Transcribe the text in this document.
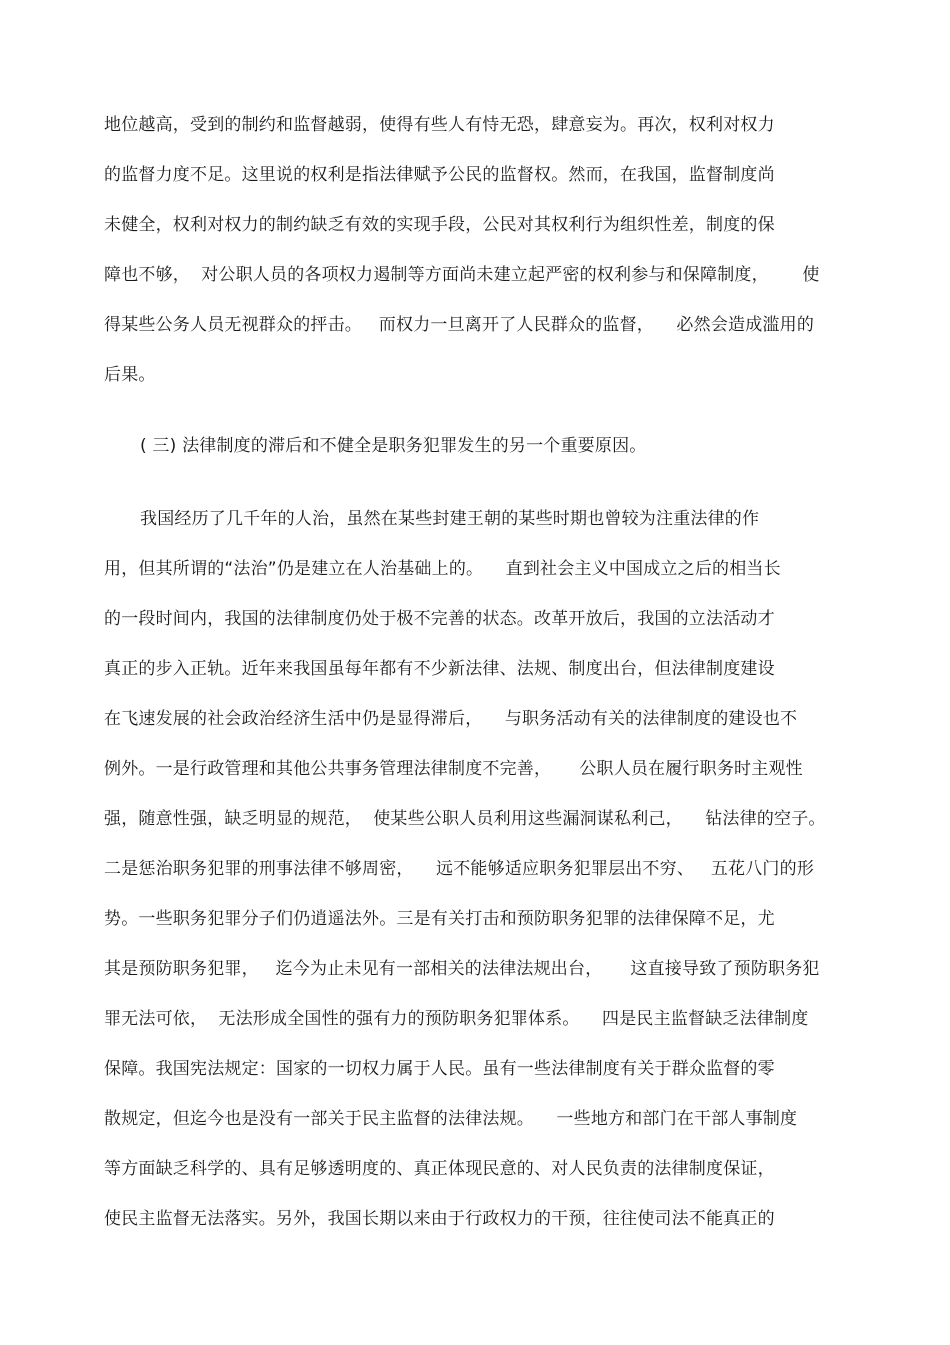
地位越高，受到的制约和监督越弱，使得有些人有恃无恐，肆意妄为。再次，权利对权力
的监督力度不足。这里说的权利是指法律赋予公民的监督权。然而，在我国，监督制度尚
未健全，权利对权力的制约缺乏有效的实现手段，公民对其权利行为组织性差，制度的保
障也不够，  对公职人员的各项权力遏制等方面尚未建立起严密的权利参与和保障制度，      使
得某些公务人员无视群众的抨击。   而权力一旦离开了人民群众的监督，    必然会造成滥用的
后果。
( 三) 法律制度的滞后和不健全是职务犯罪发生的另一个重要原因。
我国经历了几千年的人治，虽然在某些封建王朝的某些时期也曾较为注重法律的作
用，但其所谓的“法治”仍是建立在人治基础上的。    直到社会主义中国成立之后的相当长
的一段时间内，我国的法律制度仍处于极不完善的状态。改革开放后，我国的立法活动才
真正的步入正轨。近年来我国虽每年都有不少新法律、法规、制度出台，但法律制度建设
在飞速发展的社会政治经济生活中仍是显得滞后，    与职务活动有关的法律制度的建设也不
例外。一是行政管理和其他公共事务管理法律制度不完善，     公职人员在履行职务时主观性
强，随意性强，缺乏明显的规范，  使某些公职人员利用这些漏洞谋私利己，    钻法律的空子。
二是惩治职务犯罪的刑事法律不够周密，    远不能够适应职务犯罪层出不穷、   五花八门的形
势。一些职务犯罪分子们仍逍遥法外。三是有关打击和预防职务犯罪的法律保障不足，尤
其是预防职务犯罪，   迄今为止未见有一部相关的法律法规出台，     这直接导致了预防职务犯
罪无法可依，  无法形成全国性的强有力的预防职务犯罪体系。    四是民主监督缺乏法律制度
保障。我国宪法规定：国家的一切权力属于人民。虽有一些法律制度有关于群众监督的零
散规定，但迄今也是没有一部关于民主监督的法律法规。    一些地方和部门在干部人事制度
等方面缺乏科学的、具有足够透明度的、真正体现民意的、对人民负责的法律制度保证，
使民主监督无法落实。另外，我国长期以来由于行政权力的干预，往往使司法不能真正的
